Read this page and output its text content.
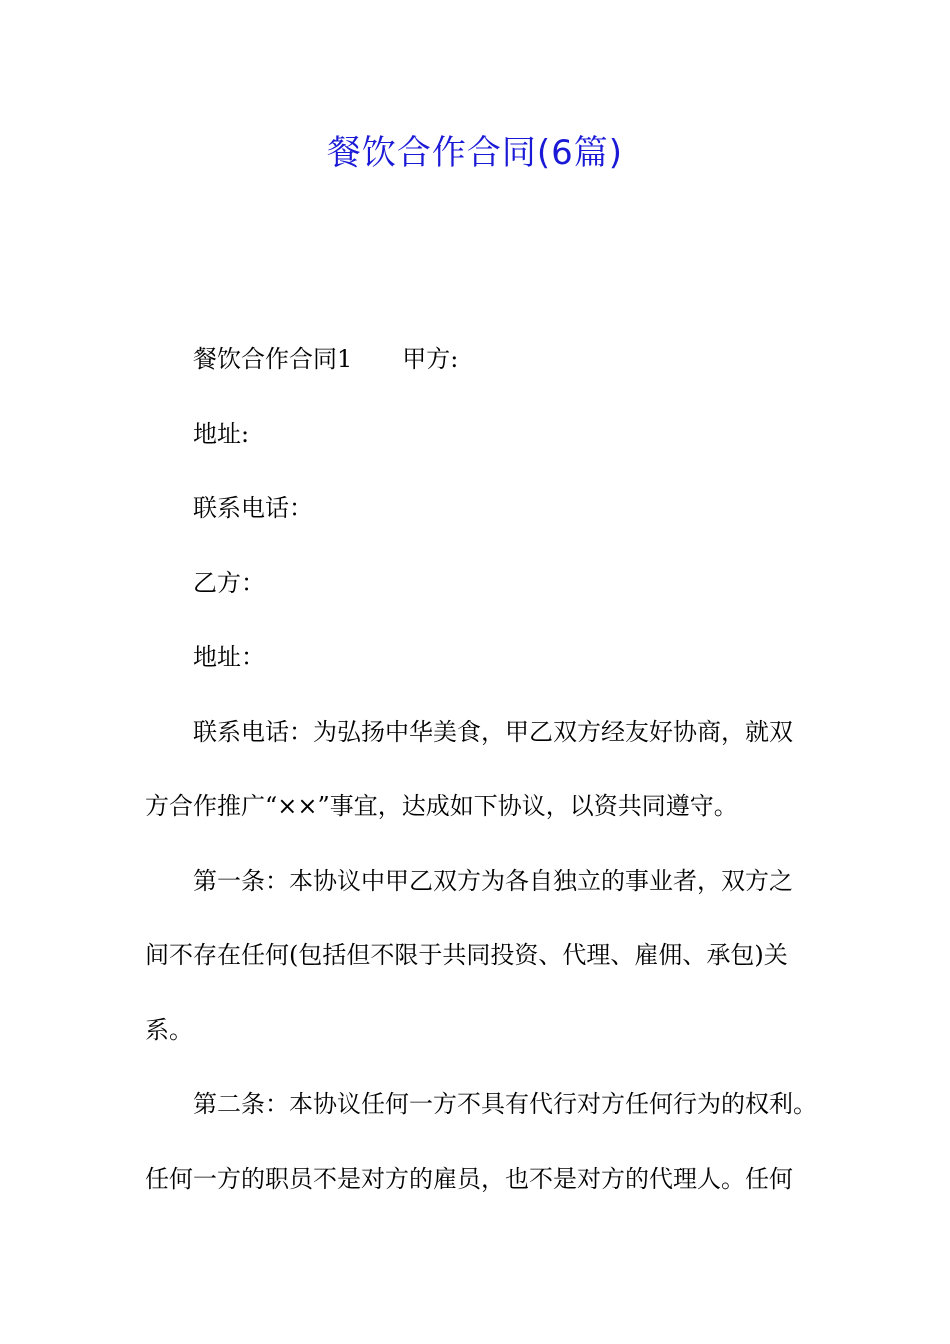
餐饮合作合同(6篇)
餐饮合作合同1 甲方:
地址:
联系电话：
乙方：
地址：
联系电话：为弘扬中华美食，甲乙双方经友好协商，就双
方合作推广“××”事宜，达成如下协议，以资共同遵守。
第一条：本协议中甲乙双方为各自独立的事业者，双方之
间不存在任何(包括但不限于共同投资、代理、雇佣、承包)关
系。
第二条：本协议任何一方不具有代行对方任何行为的权利。
任何一方的职员不是对方的雇员，也不是对方的代理人。任何
